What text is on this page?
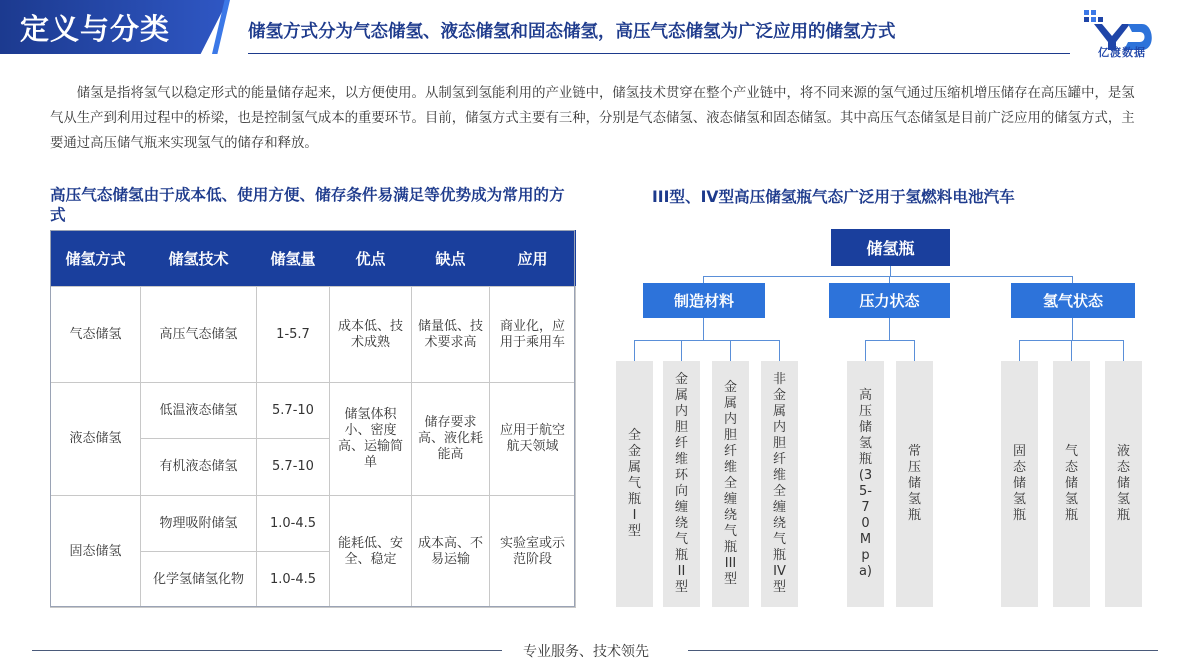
定义与分类	储氢方式分为气态储氢、液态储氢和固态储氢，高压气态储氢为广泛应用的储氢方式
亿渡数据

储氢是指将氢气以稳定形式的能量储存起来，以方便使用。从制氢到氢能利用的产业链中，储氢技术贯穿在整个产业链中，将不同来源的氢气通过压缩机增压储存在高压罐中，是氢气从生产到利用过程中的桥梁，也是控制氢气成本的重要环节。目前，储氢方式主要有三种，分别是气态储氢、液态储氢和固态储氢。其中高压气态储氢是目前广泛应用的储氢方式，主要通过高压储气瓶来实现氢气的储存和释放。

高压气态储氢由于成本低、使用方便、储存条件易满足等优势成为常用的方式
储氢方式	储氢技术	储氢量	优点	缺点	应用
气态储氢	高压气态储氢	1-5.7	成本低、技术成熟	储量低、技术要求高	商业化，应用于乘用车
液态储氢	低温液态储氢	5.7-10	储氢体积小、密度高、运输简单	储存要求高、液化耗能高	应用于航空航天领域
	有机液态储氢	5.7-10			
固态储氢	物理吸附储氢	1.0-4.5	能耗低、安全、稳定	成本高、不易运输	实验室或示范阶段
	化学氢储氢化物	1.0-4.5			
III型、IV型高压储氢瓶气态广泛用于氢燃料电池汽车
储氢瓶
制造材料	压力状态	氢气状态
全金属气瓶I型
金属内胆纤维环向缠绕气瓶II型
金属内胆纤维全缠绕气瓶III型
非金属内胆纤维全缠绕气瓶IV型
高压储氢瓶(35-70Mpa)
常压储氢瓶
固态储氢瓶
气态储氢瓶
液态储氢瓶
专业服务、技术领先
